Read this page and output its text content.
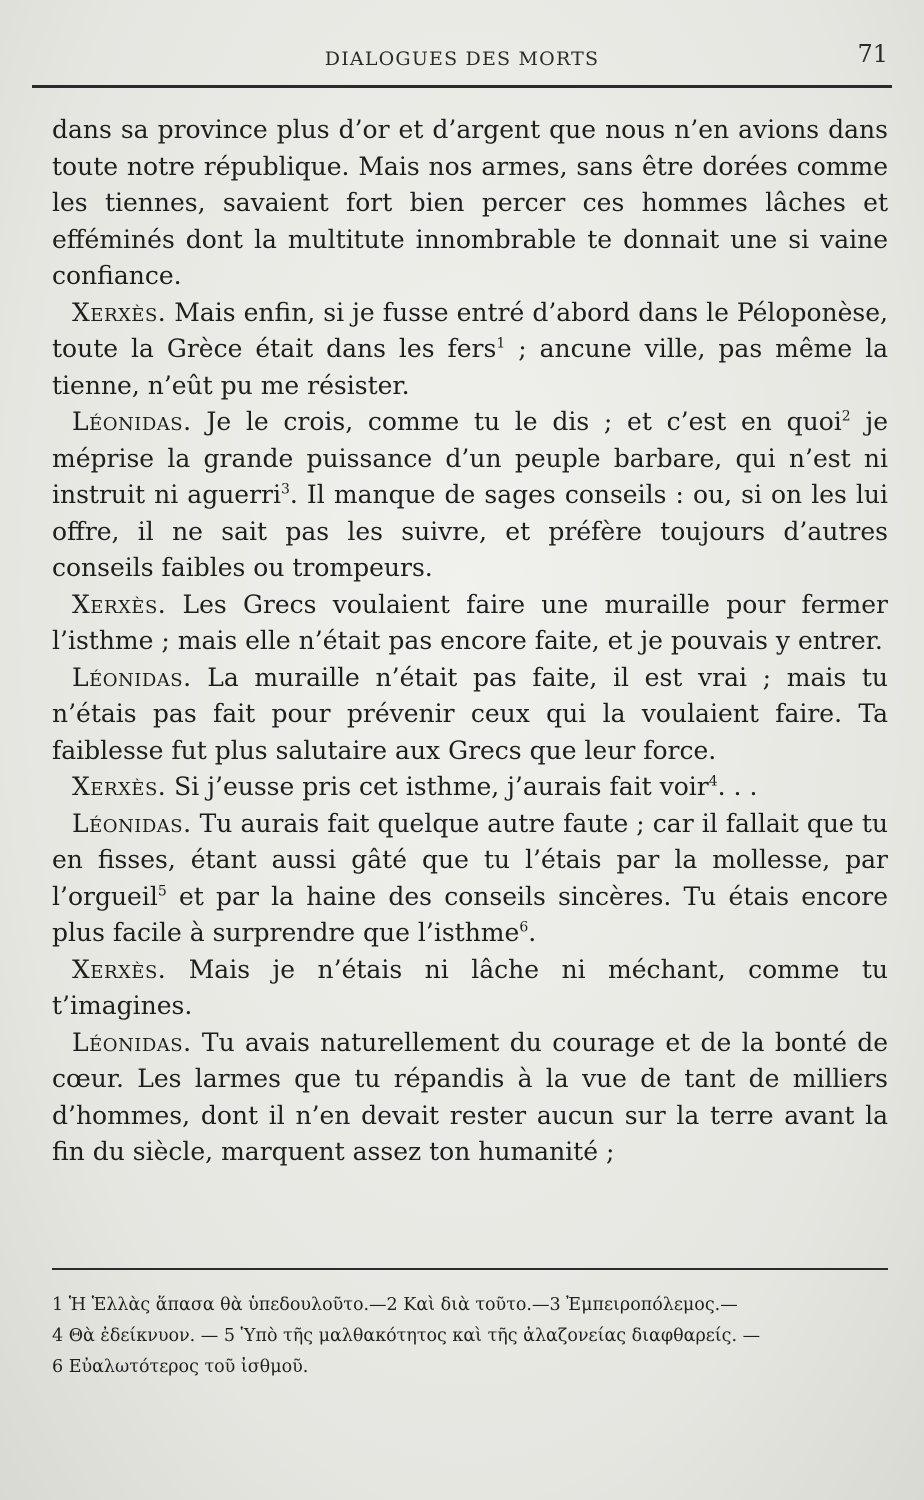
DIALOGUES DES MORTS	71

dans sa province plus d’or et d’argent que nous n’en avions dans toute notre république. Mais nos armes, sans être dorées comme les tiennes, savaient fort bien percer ces hommes lâches et efféminés dont la multitute innombrable te donnait une si vaine confiance.

Xerxès. Mais enfin, si je fusse entré d’abord dans le Péloponèse, toute la Grèce était dans les fers$^1$ ; ancune ville, pas même la tienne, n’eût pu me résister.

Léonidas. Je le crois, comme tu le dis ; et c’est en quoi$^2$ je méprise la grande puissance d’un peuple barbare, qui n’est ni instruit ni aguerri$^3$. Il manque de sages conseils : ou, si on les lui offre, il ne sait pas les suivre, et préfère toujours d’autres conseils faibles ou trompeurs.

Xerxès. Les Grecs voulaient faire une muraille pour fermer l’isthme ; mais elle n’était pas encore faite, et je pouvais y entrer.

Léonidas. La muraille n’était pas faite, il est vrai ; mais tu n’étais pas fait pour prévenir ceux qui la voulaient faire. Ta faiblesse fut plus salutaire aux Grecs que leur force.

Xerxès. Si j’eusse pris cet isthme, j’aurais fait voir$^4$. . .

Léonidas. Tu aurais fait quelque autre faute ; car il fallait que tu en fisses, étant aussi gâté que tu l’étais par la mollesse, par l’orgueil$^5$ et par la haine des conseils sincères. Tu étais encore plus facile à surprendre que l’isthme$^6$.

Xerxès. Mais je n’étais ni lâche ni méchant, comme tu t’imagines.

Léonidas. Tu avais naturellement du courage et de la bonté de cœur. Les larmes que tu répandis à la vue de tant de milliers d’hommes, dont il n’en devait rester aucun sur la terre avant la fin du siècle, marquent assez ton humanité ;

1 Ἡ Ἑλλὰς ἅπασα θὰ ὑπεδουλοῦτο.—2 Καὶ διὰ τοῦτο.—3 Ἐμπειροπόλεμος.—

4 Θὰ ἐδείκνυον. — 5 Ὑπὸ τῆς μαλθακότητος καὶ τῆς ἀλαζονείας διαφθαρείς. —

6 Εὐαλωτότερος τοῦ ἰσθμοῦ.
